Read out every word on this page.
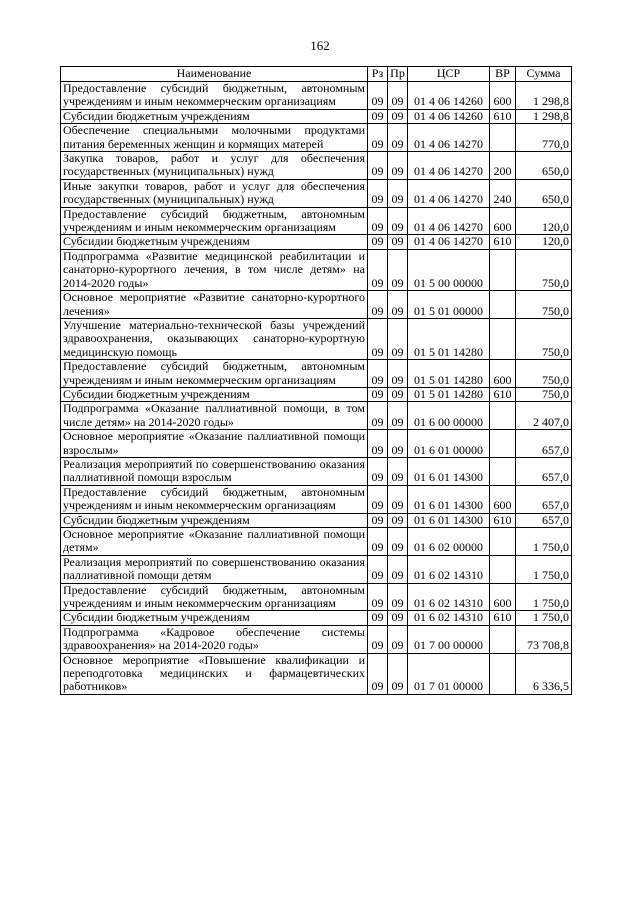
162
Наименование	Рз	Пр	ЦСР	ВР	Сумма
Предоставление субсидий бюджетным, автономным учреждениям и иным некоммерческим организациям	09	09	01 4 06 14260	600	1 298,8
Субсидии бюджетным учреждениям	09	09	01 4 06 14260	610	1 298,8
Обеспечение специальными молочными продуктами питания беременных женщин и кормящих матерей	09	09	01 4 06 14270		770,0
Закупка товаров, работ и услуг для обеспечения государственных (муниципальных) нужд	09	09	01 4 06 14270	200	650,0
Иные закупки товаров, работ и услуг для обеспечения государственных (муниципальных) нужд	09	09	01 4 06 14270	240	650,0
Предоставление субсидий бюджетным, автономным учреждениям и иным некоммерческим организациям	09	09	01 4 06 14270	600	120,0
Субсидии бюджетным учреждениям	09	09	01 4 06 14270	610	120,0
Подпрограмма «Развитие медицинской реабилитации и санаторно-курортного лечения, в том числе детям» на 2014-2020 годы»	09	09	01 5 00 00000		750,0
Основное мероприятие «Развитие санаторно-курортного лечения»	09	09	01 5 01 00000		750,0
Улучшение материально-технической базы учреждений здравоохранения, оказывающих санаторно-курортную медицинскую помощь	09	09	01 5 01 14280		750,0
Предоставление субсидий бюджетным, автономным учреждениям и иным некоммерческим организациям	09	09	01 5 01 14280	600	750,0
Субсидии бюджетным учреждениям	09	09	01 5 01 14280	610	750,0
Подпрограмма «Оказание паллиативной помощи, в том числе детям» на 2014-2020 годы»	09	09	01 6 00 00000		2 407,0
Основное мероприятие «Оказание паллиативной помощи взрослым»	09	09	01 6 01 00000		657,0
Реализация мероприятий по совершенствованию оказания паллиативной помощи взрослым	09	09	01 6 01 14300		657,0
Предоставление субсидий бюджетным, автономным учреждениям и иным некоммерческим организациям	09	09	01 6 01 14300	600	657,0
Субсидии бюджетным учреждениям	09	09	01 6 01 14300	610	657,0
Основное мероприятие «Оказание паллиативной помощи детям»	09	09	01 6 02 00000		1 750,0
Реализация мероприятий по совершенствованию оказания паллиативной помощи детям	09	09	01 6 02 14310		1 750,0
Предоставление субсидий бюджетным, автономным учреждениям и иным некоммерческим организациям	09	09	01 6 02 14310	600	1 750,0
Субсидии бюджетным учреждениям	09	09	01 6 02 14310	610	1 750,0
Подпрограмма «Кадровое обеспечение системы здравоохранения» на 2014-2020 годы»	09	09	01 7 00 00000		73 708,8
Основное мероприятие «Повышение квалификации и переподготовка медицинских и фармацевтических работников»	09	09	01 7 01 00000		6 336,5
